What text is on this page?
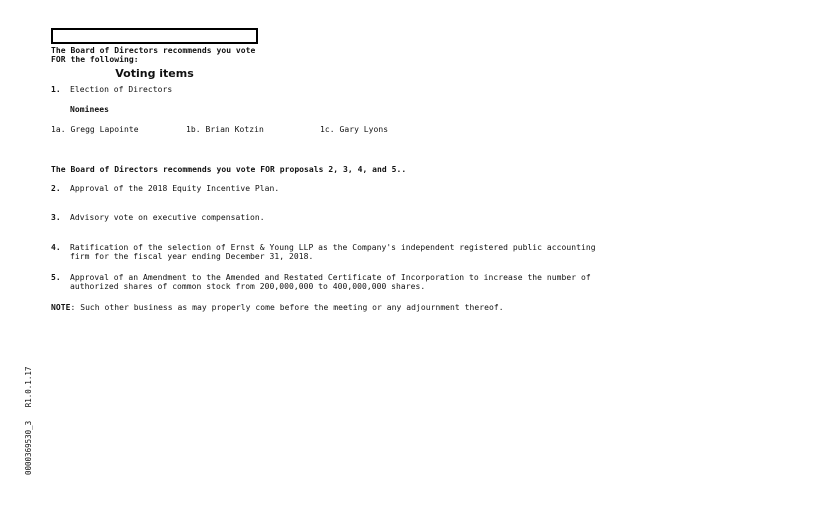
Voting items

The Board of Directors recommends you vote
FOR the following:
1. Election of Directors
Nominees
1a. Gregg Lapointe	1b. Brian Kotzin	1c. Gary Lyons
The Board of Directors recommends you vote FOR proposals 2, 3, 4, and 5..
2. Approval of the 2018 Equity Incentive Plan.
3. Advisory vote on executive compensation.
4. Ratification of the selection of Ernst & Young LLP as the Company's independent registered public accounting
firm for the fiscal year ending December 31, 2018.
5. Approval of an Amendment to the Amended and Restated Certificate of Incorporation to increase the number of
authorized shares of common stock from 200,000,000 to 400,000,000 shares.
NOTE: Such other business as may properly come before the meeting or any adjournment thereof.
0000369530_3   R1.0.1.17
